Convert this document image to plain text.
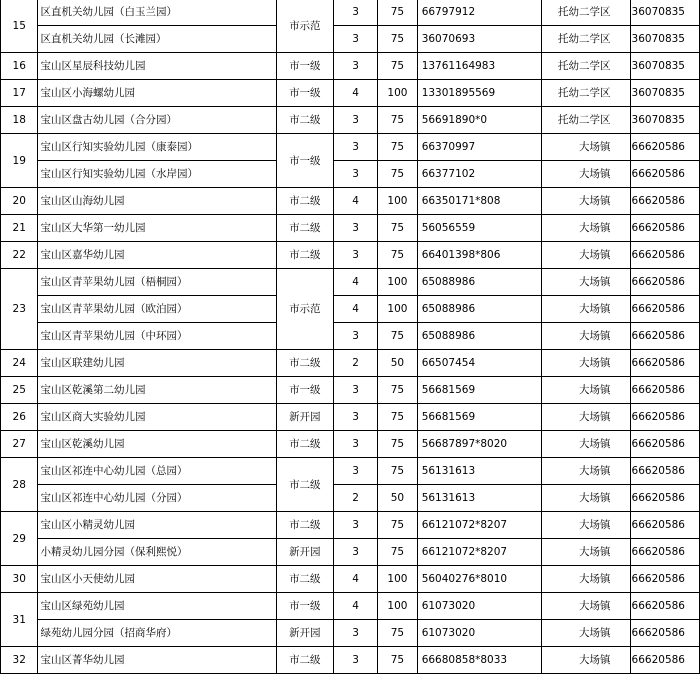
15	区直机关幼儿园（白玉兰园）	市示范	3	75	66797912	托幼二学区	36070835
	区直机关幼儿园（长滩园）		3	75	36070693	托幼二学区	36070835
16	宝山区星辰科技幼儿园	市一级	3	75	13761164983	托幼二学区	36070835
17	宝山区小海螺幼儿园	市一级	4	100	13301895569	托幼二学区	36070835
18	宝山区盘古幼儿园（合分园）	市二级	3	75	56691890*0	托幼二学区	36070835
19	宝山区行知实验幼儿园（康泰园）	市一级	3	75	66370997	大场镇	66620586
	宝山区行知实验幼儿园（水岸园）		3	75	66377102	大场镇	66620586
20	宝山区山海幼儿园	市二级	4	100	66350171*808	大场镇	66620586
21	宝山区大华第一幼儿园	市二级	3	75	56056559	大场镇	66620586
22	宝山区嘉华幼儿园	市二级	3	75	66401398*806	大场镇	66620586
23	宝山区青苹果幼儿园（梧桐园）	市示范	4	100	65088986	大场镇	66620586
	宝山区青苹果幼儿园（欧泊园）		4	100	65088986	大场镇	66620586
	宝山区青苹果幼儿园（中环园）		3	75	65088986	大场镇	66620586
24	宝山区联建幼儿园	市二级	2	50	66507454	大场镇	66620586
25	宝山区乾溪第二幼儿园	市一级	3	75	56681569	大场镇	66620586
26	宝山区商大实验幼儿园	新开园	3	75	56681569	大场镇	66620586
27	宝山区乾溪幼儿园	市二级	3	75	56687897*8020	大场镇	66620586
28	宝山区祁连中心幼儿园（总园）	市二级	3	75	56131613	大场镇	66620586
	宝山区祁连中心幼儿园（分园）		2	50	56131613	大场镇	66620586
29	宝山区小精灵幼儿园	市二级	3	75	66121072*8207	大场镇	66620586
	小精灵幼儿园分园（保利熙悦）	新开园	3	75	66121072*8207	大场镇	66620586
30	宝山区小天使幼儿园	市二级	4	100	56040276*8010	大场镇	66620586
31	宝山区绿苑幼儿园	市一级	4	100	61073020	大场镇	66620586
	绿苑幼儿园分园（招商华府）	新开园	3	75	61073020	大场镇	66620586
32	宝山区菁华幼儿园	市二级	3	75	66680858*8033	大场镇	66620586
